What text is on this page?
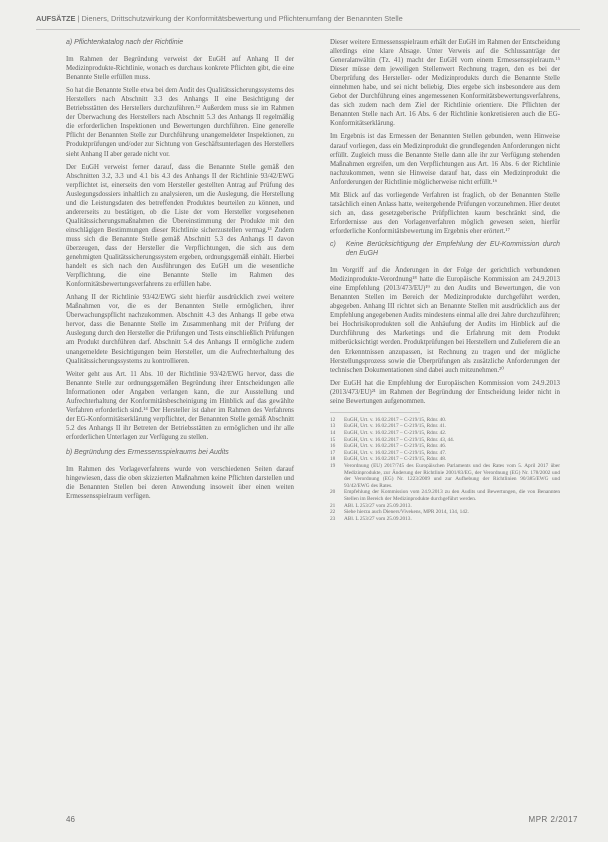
AUFSÄTZE | Dieners, Drittschutzwirkung der Konformitätsbewertung und Pflichtenumfang der Benannten Stelle
a) Pflichtenkatalog nach der Richtlinie

Im Rahmen der Begründung verweist der EuGH auf Anhang II der Medizinprodukte-Richtlinie, wonach es durchaus konkrete Pflichten gibt, die eine Benannte Stelle erfüllen muss.

So hat die Benannte Stelle etwa bei dem Audit des Qualitätssicherungssystems des Herstellers nach Abschnitt 3.3 des Anhangs II eine Besichtigung der Betriebsstätten des Herstellers durchzuführen.¹² Außerdem muss sie im Rahmen der Überwachung des Herstellers nach Abschnitt 5.3 des Anhangs II regelmäßig die erforderlichen Inspektionen und Bewertungen durchführen. Eine generelle Pflicht der Benannten Stelle zur Durchführung unangemeldeter Inspektionen, zu Produktprüfungen und/oder zur Sichtung von Geschäftsunterlagen des Herstellers sieht Anhang II aber gerade nicht vor.

Der EuGH verweist ferner darauf, dass die Benannte Stelle gemäß den Abschnitten 3.2, 3.3 und 4.1 bis 4.3 des Anhangs II der Richtlinie 93/42/EWG verpflichtet ist, einerseits den vom Hersteller gestellten Antrag auf Prüfung des Auslegungsdossiers inhaltlich zu analysieren, um die Auslegung, die Herstellung und die Leistungsdaten des betreffenden Produktes beurteilen zu können, und andererseits zu bestätigen, ob die Liste der vom Hersteller vorgesehenen Qualitätssicherungsmaßnahmen die Übereinstimmung der Produkte mit den einschlägigen Bestimmungen dieser Richtlinie sicherzustellen vermag.¹³ Zudem muss sich die Benannte Stelle gemäß Abschnitt 5.3 des Anhangs II davon überzeugen, dass der Hersteller die Verpflichtungen, die sich aus dem genehmigten Qualitätssicherungssystem ergeben, ordnungsgemäß einhält. Hierbei handelt es sich nach den Ausführungen des EuGH um die wesentliche Verpflichtung, die eine Benannte Stelle im Rahmen des Konformitätsbewertungsverfahrens zu erfüllen habe.

Anhang II der Richtlinie 93/42/EWG sieht hierfür ausdrücklich zwei weitere Maßnahmen vor, die es der Benannten Stelle ermöglichen, ihrer Überwachungspflicht nachzukommen. Abschnitt 4.3 des Anhangs II gebe etwa hervor, dass die Benannte Stelle im Zusammenhang mit der Prüfung der Auslegung durch den Hersteller die Prüfungen und Tests einschließlich Prüfungen am Produkt durchführen darf. Abschnitt 5.4 des Anhangs II ermögliche zudem unangemeldete Besichtigungen beim Hersteller, um die Aufrechterhaltung des Qualitätssicherungssystems zu kontrollieren.

Weiter geht aus Art. 11 Abs. 10 der Richtlinie 93/42/EWG hervor, dass die Benannte Stelle zur ordnungsgemäßen Begründung ihrer Entscheidungen alle Informationen oder Angaben verlangen kann, die zur Ausstellung und Aufrechterhaltung der Konformitätsbescheinigung im Hinblick auf das gewählte Verfahren erforderlich sind.¹⁴ Der Hersteller ist daher im Rahmen des Verfahrens der EG-Konformitätserklärung verpflichtet, der Benannten Stelle gemäß Abschnitt 5.2 des Anhangs II ihr Betreten der Betriebsstätten zu ermöglichen und ihr alle erforderlichen Unterlagen zur Verfügung zu stellen.

b) Begründung des Ermessensspielraums bei Audits

Im Rahmen des Vorlageverfahrens wurde von verschiedenen Seiten darauf hingewiesen, dass die oben skizzierten Maßnahmen keine Pflichten darstellen und die Benannten Stellen bei deren Anwendung insoweit über einen weiten Ermessensspielraum verfügen.

Dieser weitere Ermessensspielraum erhält der EuGH im Rahmen der Entscheidung allerdings eine klare Absage. Unter Verweis auf die Schlussanträge der Generalanwältin (Tz. 41) macht der EuGH vorn einem Ermessensspielraum.¹⁵ Dieser müsse dem jeweiligen Stellenwert Rechnung tragen, den es bei der Überprüfung des Hersteller- oder Medizinprodukts durch die Benannte Stelle einnehmen habe, und sei nicht beliebig. Dies ergebe sich insbesondere aus dem Gebot der Durchführung eines angemessenen Konformitätsbewertungsverfahrens, das sich zudem nach dem Ziel der Richtlinie orientiere. Die Pflichten der Benannten Stelle nach Art. 16 Abs. 6 der Richtlinie konkretisieren auch die EG-Konformitätserklärung.

Im Ergebnis ist das Ermessen der Benannten Stellen gebunden, wenn Hinweise darauf vorliegen, dass ein Medizinprodukt die grundlegenden Anforderungen nicht erfüllt. Zugleich muss die Benannte Stelle dann alle ihr zur Verfügung stehenden Maßnahmen ergreifen, um den Verpflichtungen aus Art. 16 Abs. 6 der Richtlinie nachzukommen, wenn sie Hinweise darauf hat, dass ein Medizinprodukt die Anforderungen der Richtlinie möglicherweise nicht erfüllt.¹⁶

Mit Blick auf das vorliegende Verfahren ist fraglich, ob der Benannten Stelle tatsächlich einen Anlass hatte, weitergehende Prüfungen vorzunehmen. Hier deutet sich an, dass gesetzgeberische Prüfpflichten kaum beschränkt sind, die Erfordernisse aus den Vorlagenverfahren möglich gewesen seien, hierfür erforderliche Konformitätsbewertung im Ergebnis eher erörtert.¹⁷

c) Keine Berücksichtigung der Empfehlung der EU-Kommission durch den EuGH

Im Vorgriff auf die Änderungen in der Folge der gerichtlich verbundenen Medizinprodukte-Verordnung¹⁸ hatte die Europäische Kommission am 24.9.2013 eine Empfehlung (2013/473/EU)¹⁹ zu den Audits und Bewertungen, die von Benannten Stellen im Bereich der Medizinprodukte durchgeführt werden, abgegeben. Anhang III richtet sich an Benannte Stellen mit ausdrücklich aus der Empfehlung angegebenen Audits mindestens einmal alle drei Jahre durchzuführen; bei Hochrisikoprodukten soll die Anhäufung der Audits im Hinblick auf die Durchführung des Marketings und die Erfahrung mit dem Produkt mitberücksichtigt werden. Produktprüfungen bei Herstellern und Zulieferern die an den Erkenntnissen anzupassen, ist Rechnung zu tragen und der mögliche Herstellungsprozess sowie die Überprüfungen als zusätzliche Anforderungen der technischen Dokumentationen sind dabei auch mitzunehmen.²⁰

Der EuGH hat die Empfehlung der Europäischen Kommission vom 24.9.2013 (2013/473/EU)²¹ im Rahmen der Begründung der Entscheidung leider nicht in seine Bewertungen aufgenommen.

12	EuGH, Urt. v. 16.02.2017 – C-219/15, Rdnr. 40.
13	EuGH, Urt. v. 16.02.2017 – C-219/15, Rdnr. 41.
14	EuGH, Urt. v. 16.02.2017 – C-219/15, Rdnr. 42.
15	EuGH, Urt. v. 16.02.2017 – C-219/15, Rdnr. 43, 44.
16	EuGH, Urt. v. 16.02.2017 – C-219/15, Rdnr. 46.
17	EuGH, Urt. v. 16.02.2017 – C-219/15, Rdnr. 47.
18	EuGH, Urt. v. 16.02.2017 – C-219/15, Rdnr. 48.
19	Verordnung (EU) 2017/745 des Europäischen Parlaments und des Rates vom 5. April 2017 über Medizinprodukte, zur Änderung der Richtlinie 2001/83/EG, der Verordnung (EG) Nr. 178/2002 und der Verordnung (EG) Nr. 1223/2009 und zur Aufhebung der Richtlinien 90/385/EWG und 93/42/EWG des Rates.
20	Empfehlung der Kommission vom 24.9.2013 zu den Audits und Bewertungen, die von Benannten Stellen im Bereich der Medizinprodukte durchgeführt werden.
21	ABl. L 253/27 vom 25.09.2013.
22	Siehe hierzu auch Dieners/Vivekens, MPR 2014, 134, 142.
23	ABl. L 253/27 vom 25.09.2013.
46	MPR 2/2017
